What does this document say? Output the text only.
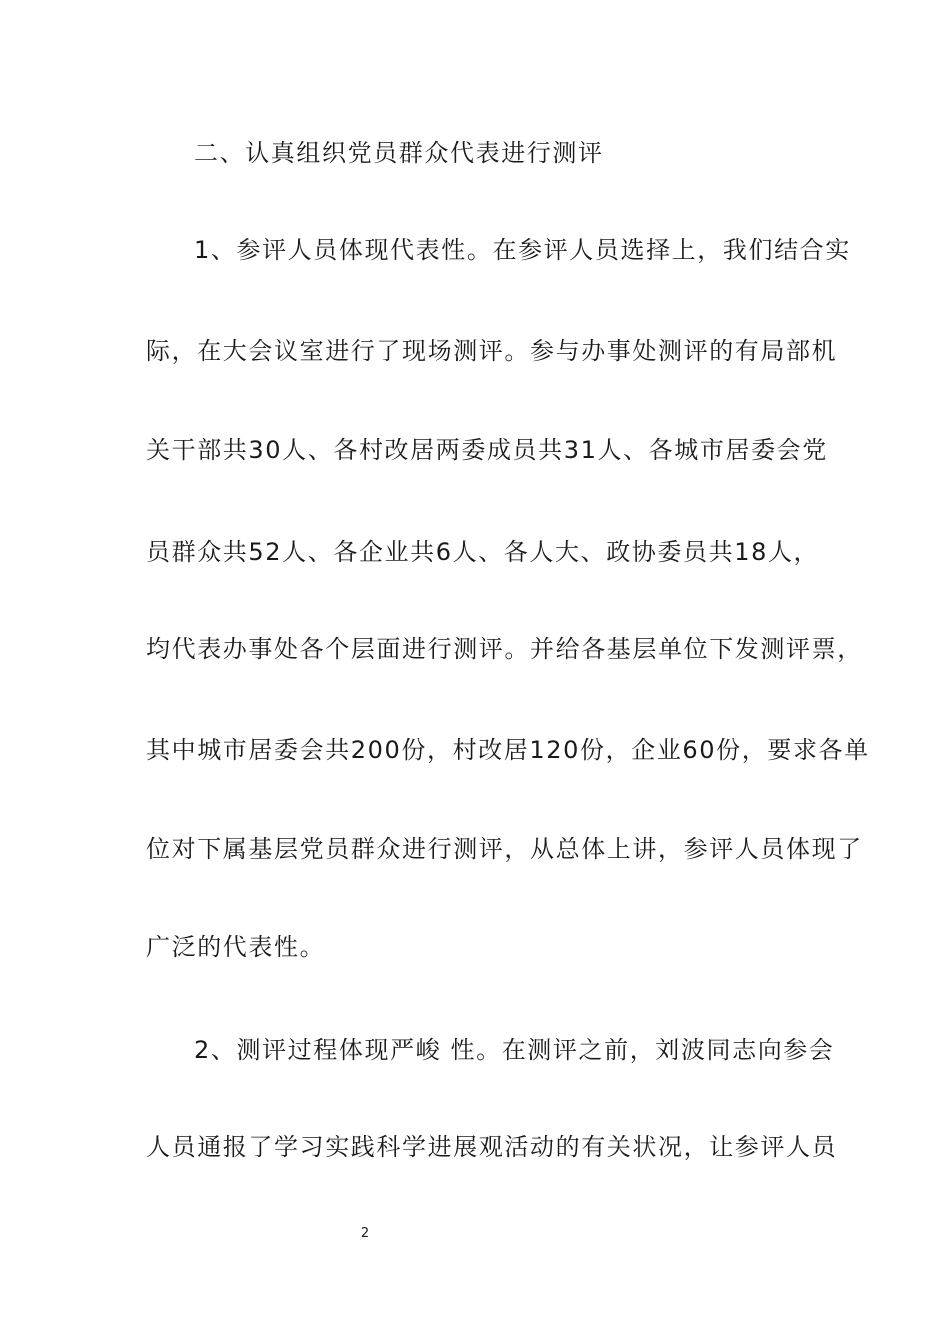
二、认真组织党员群众代表进行测评
1、参评人员体现代表性。在参评人员选择上，我们结合实
际，在大会议室进行了现场测评。参与办事处测评的有局部机
关干部共30人、各村改居两委成员共31人、各城市居委会党
员群众共52人、各企业共6人、各人大、政协委员共18人，
均代表办事处各个层面进行测评。并给各基层单位下发测评票，
其中城市居委会共200份，村改居120份，企业60份，要求各单
位对下属基层党员群众进行测评，从总体上讲，参评人员体现了
广泛的代表性。
2、测评过程体现严峻 性。在测评之前，刘波同志向参会
人员通报了学习实践科学进展观活动的有关状况，让参评人员
2
